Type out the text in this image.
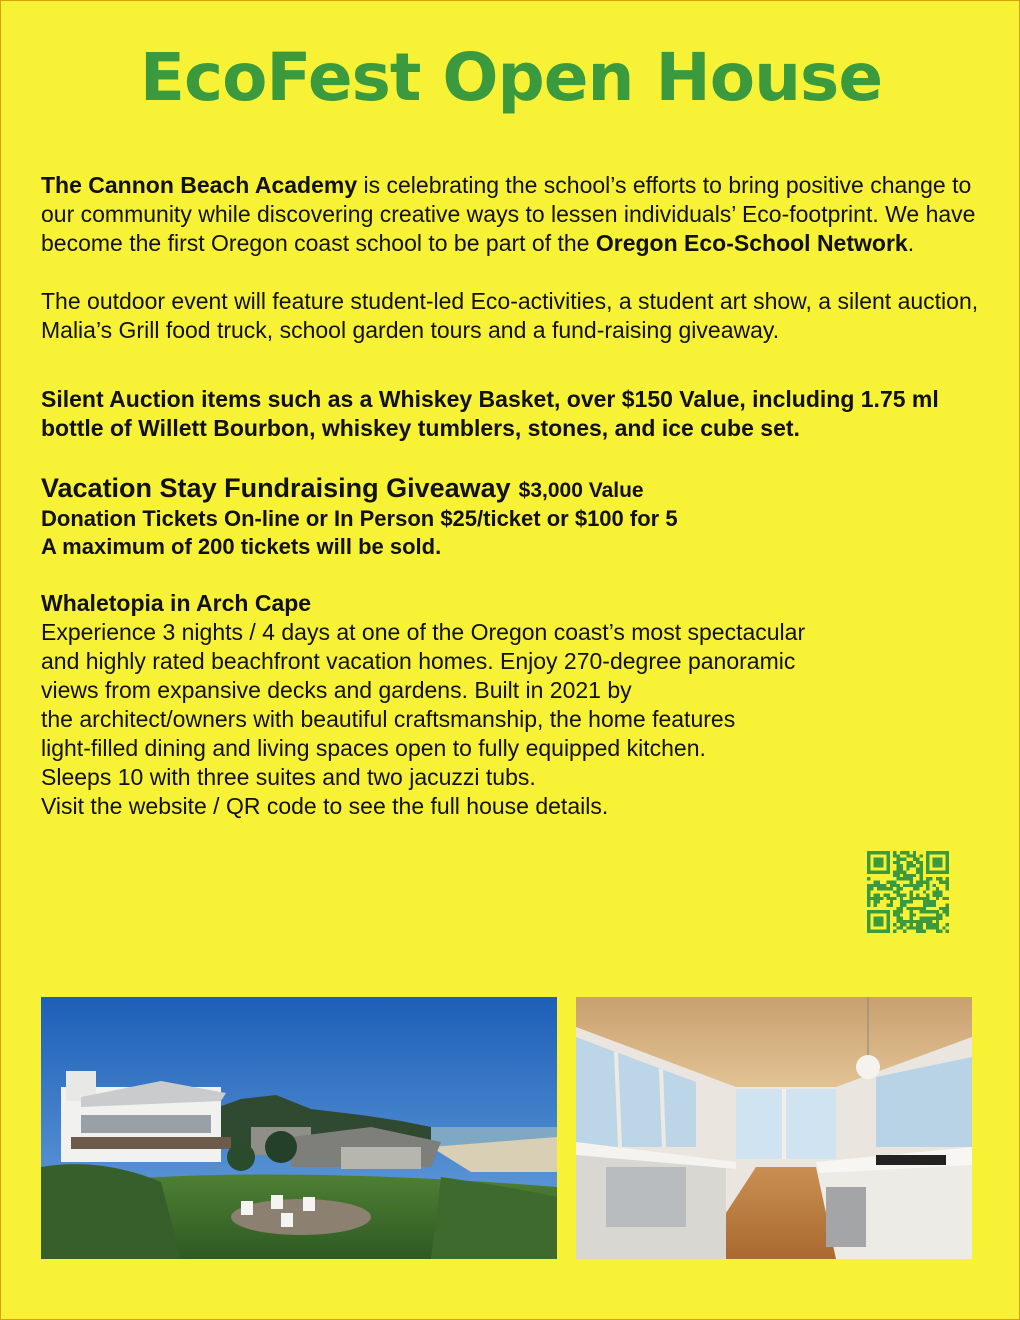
EcoFest Open House

The Cannon Beach Academy is celebrating the school’s efforts to bring positive change to our community while discovering creative ways to lessen individuals’ Eco-footprint. We have become the first Oregon coast school to be part of the Oregon Eco-School Network.

The outdoor event will feature student-led Eco-activities, a student art show, a silent auction, Malia’s Grill food truck, school garden tours and a fund-raising giveaway.

Silent Auction items such as a Whiskey Basket, over $150 Value, including 1.75 ml bottle of Willett Bourbon, whiskey tumblers, stones, and ice cube set.

Vacation Stay Fundraising Giveaway $3,000 Value

Donation Tickets On-line or In Person $25/ticket or $100 for 5

A maximum of 200 tickets will be sold.

Whaletopia in Arch Cape

Experience 3 nights / 4 days at one of the Oregon coast’s most spectacular

and highly rated beachfront vacation homes. Enjoy 270-degree panoramic

views from expansive decks and gardens. Built in 2021 by

the architect/owners with beautiful craftsmanship, the home features

light-filled dining and living spaces open to fully equipped kitchen.

Sleeps 10 with three suites and two jacuzzi tubs.

Visit the website / QR code to see the full house details.
